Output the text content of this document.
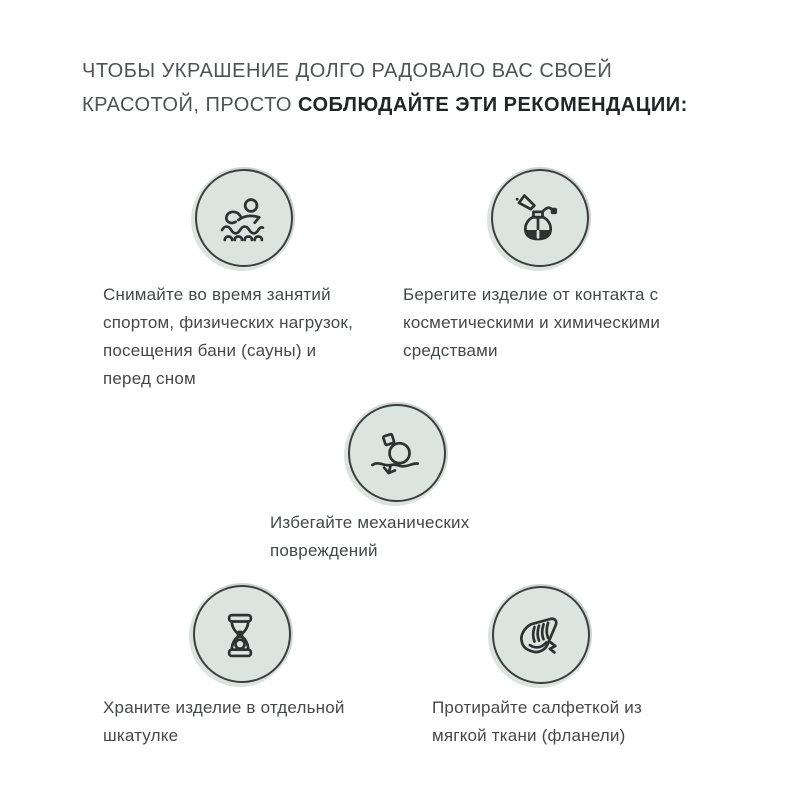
ЧТОБЫ УКРАШЕНИЕ ДОЛГО РАДОВАЛО ВАС СВОЕЙ
КРАСОТОЙ, ПРОСТО СОБЛЮДАЙТЕ ЭТИ РЕКОМЕНДАЦИИ:
Снимайте во время занятий спортом, физических нагрузок, посещения бани (сауны) и перед сном
Берегите изделие от контакта с косметическими и химическими средствами
Избегайте механических повреждений
Храните изделие в отдельной шкатулке
Протирайте салфеткой из мягкой ткани (фланели)
